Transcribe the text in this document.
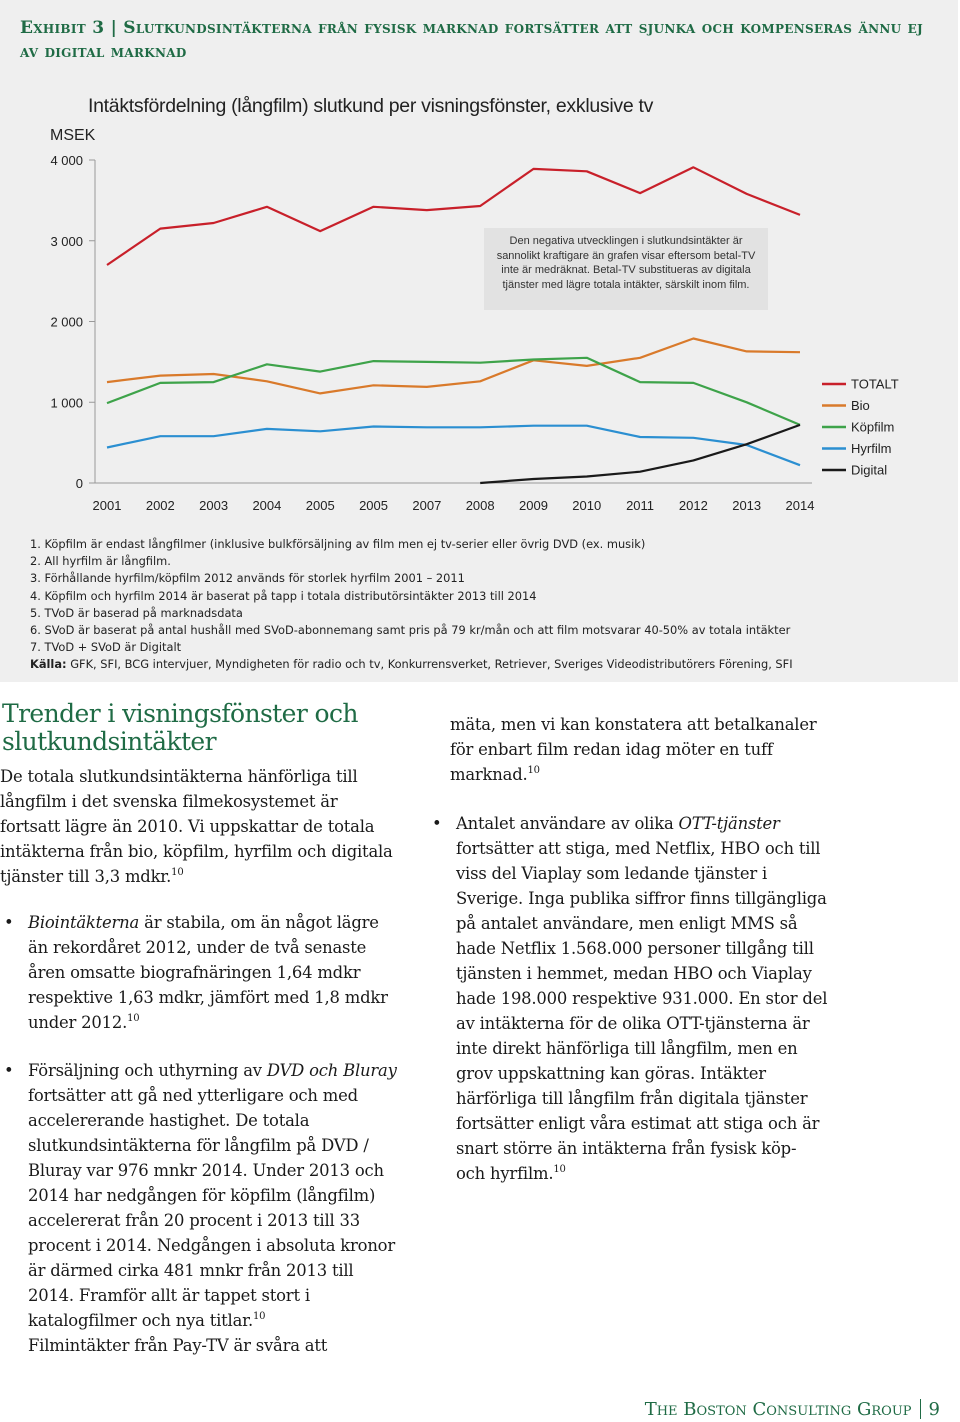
Exhibit 3 | Slutkundsintäkterna från fysisk marknad fortsätter att sjunka och kompenseras ännu ej av digital marknad
Intäktsfördelning (långfilm) slutkund per visningsfönster, exklusive tv
MSEK
0
1 000
2 000
3 000
4 000
2001 2002 2003 2004 2005 2005 2007 2008 2009 2010 2011 2012 2013 2014
TOTALT
Bio
Köpfilm
Hyrfilm
Digital
Den negativa utvecklingen i slutkundsintäkter är sannolikt kraftigare än grafen visar eftersom betal-TV inte är medräknat. Betal-TV substitueras av digitala tjänster med lägre totala intäkter, särskilt inom film.
1. Köpfilm är endast långfilmer (inklusive bulkförsäljning av film men ej tv-serier eller övrig DVD (ex. musik)
2. All hyrfilm är långfilm.
3. Förhållande hyrfilm/köpfilm 2012 används för storlek hyrfilm 2001 – 2011
4. Köpfilm och hyrfilm 2014 är baserat på tapp i totala distributörsintäkter 2013 till 2014
5. TVoD är baserad på marknadsdata
6. SVoD är baserat på antal hushåll med SVoD-abonnemang samt pris på 79 kr/mån och att film motsvarar 40-50% av totala intäkter
7. TVoD + SVoD är Digitalt
Källa: GFK, SFI, BCG intervjuer, Myndigheten för radio och tv, Konkurrensverket, Retriever, Sveriges Videodistributörers Förening, SFI
Trender i visningsfönster och slutkundsintäkter
De totala slutkundsintäkterna hänförliga till långfilm i det svenska filmekosystemet är fortsatt lägre än 2010. Vi uppskattar de totala intäkterna från bio, köpfilm, hyrfilm och digitala tjänster till 3,3 mdkr.$^{10}$
• Biointäkterna är stabila, om än något lägre än rekordåret 2012, under de två senaste åren omsatte biografnäringen 1,64 mdkr respektive 1,63 mdkr, jämfört med 1,8 mdkr under 2012.10
• Försäljning och uthyrning av DVD och Bluray fortsätter att gå ned ytterligare och med accelererande hastighet. De totala slutkundsintäkterna för långfilm på DVD / Bluray var 976 mnkr 2014. Under 2013 och 2014 har nedgången för köpfilm (långfilm) accelererat från 20 procent i 2013 till 33 procent i 2014. Nedgången i absoluta kronor är därmed cirka 481 mnkr från 2013 till 2014. Framför allt är tappet stort i katalogfilmer och nya titlar.$^{10}$
Filmintäkter från Pay-TV är svåra att
mäta, men vi kan konstatera att betalkanaler för enbart film redan idag möter en tuff marknad.$^{10}$
• Antalet användare av olika OTT-tjänster fortsätter att stiga, med Netflix, HBO och till viss del Viaplay som ledande tjänster i Sverige. Inga publika siffror finns tillgängliga på antalet användare, men enligt MMS så hade Netflix 1.568.000 personer tillgång till tjänsten i hemmet, medan HBO och Viaplay hade 198.000 respektive 931.000. En stor del av intäkterna för de olika OTT-tjänsterna är inte direkt hänförliga till långfilm, men en grov uppskattning kan göras. Intäkter härförliga till långfilm från digitala tjänster fortsätter enligt våra estimat att stiga och är snart större än intäkterna från fysisk köp- och hyrfilm.$^{10}$
The Boston Consulting Group 9
